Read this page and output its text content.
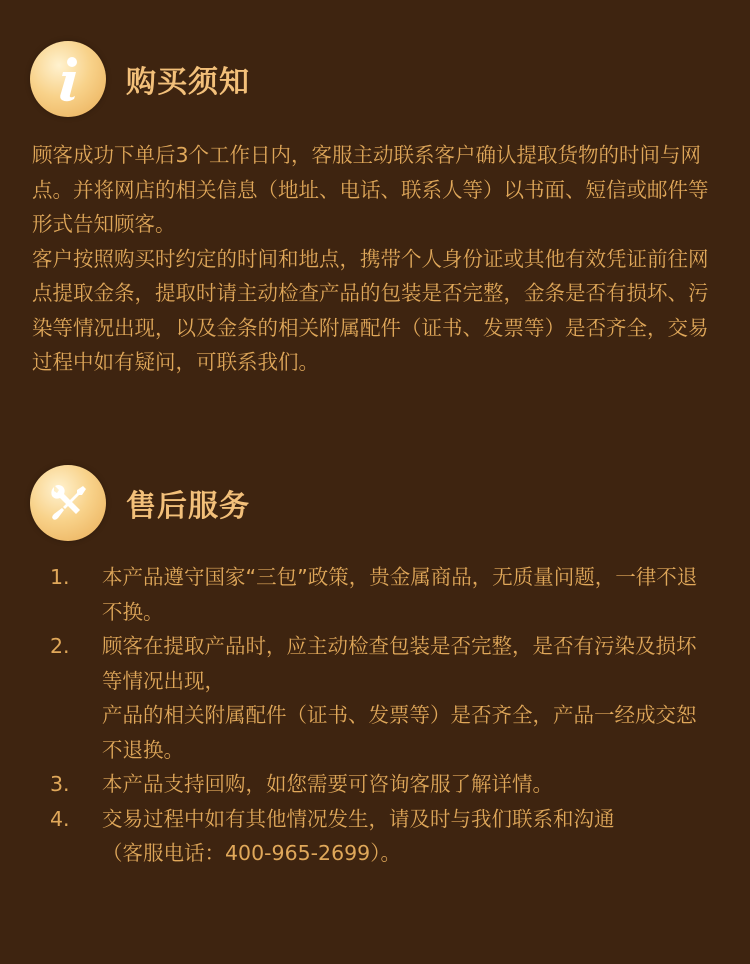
购买须知

顾客成功下单后3个工作日内，客服主动联系客户确认提取货物的时间与网点。并将网店的相关信息（地址、电话、联系人等）以书面、短信或邮件等形式告知顾客。

客户按照购买时约定的时间和地点，携带个人身份证或其他有效凭证前往网点提取金条，提取时请主动检查产品的包装是否完整，金条是否有损坏、污染等情况出现，以及金条的相关附属配件（证书、发票等）是否齐全，交易过程中如有疑问，可联系我们。

售后服务
1.	本产品遵守国家“三包”政策，贵金属商品，无质量问题，一律不退不换。
2.	顾客在提取产品时，应主动检查包装是否完整，是否有污染及损坏等情况出现，
产品的相关附属配件（证书、发票等）是否齐全，产品一经成交恕不退换。
3.	本产品支持回购，如您需要可咨询客服了解详情。
4.	交易过程中如有其他情况发生，请及时与我们联系和沟通
（客服电话：400-965-2699）。
